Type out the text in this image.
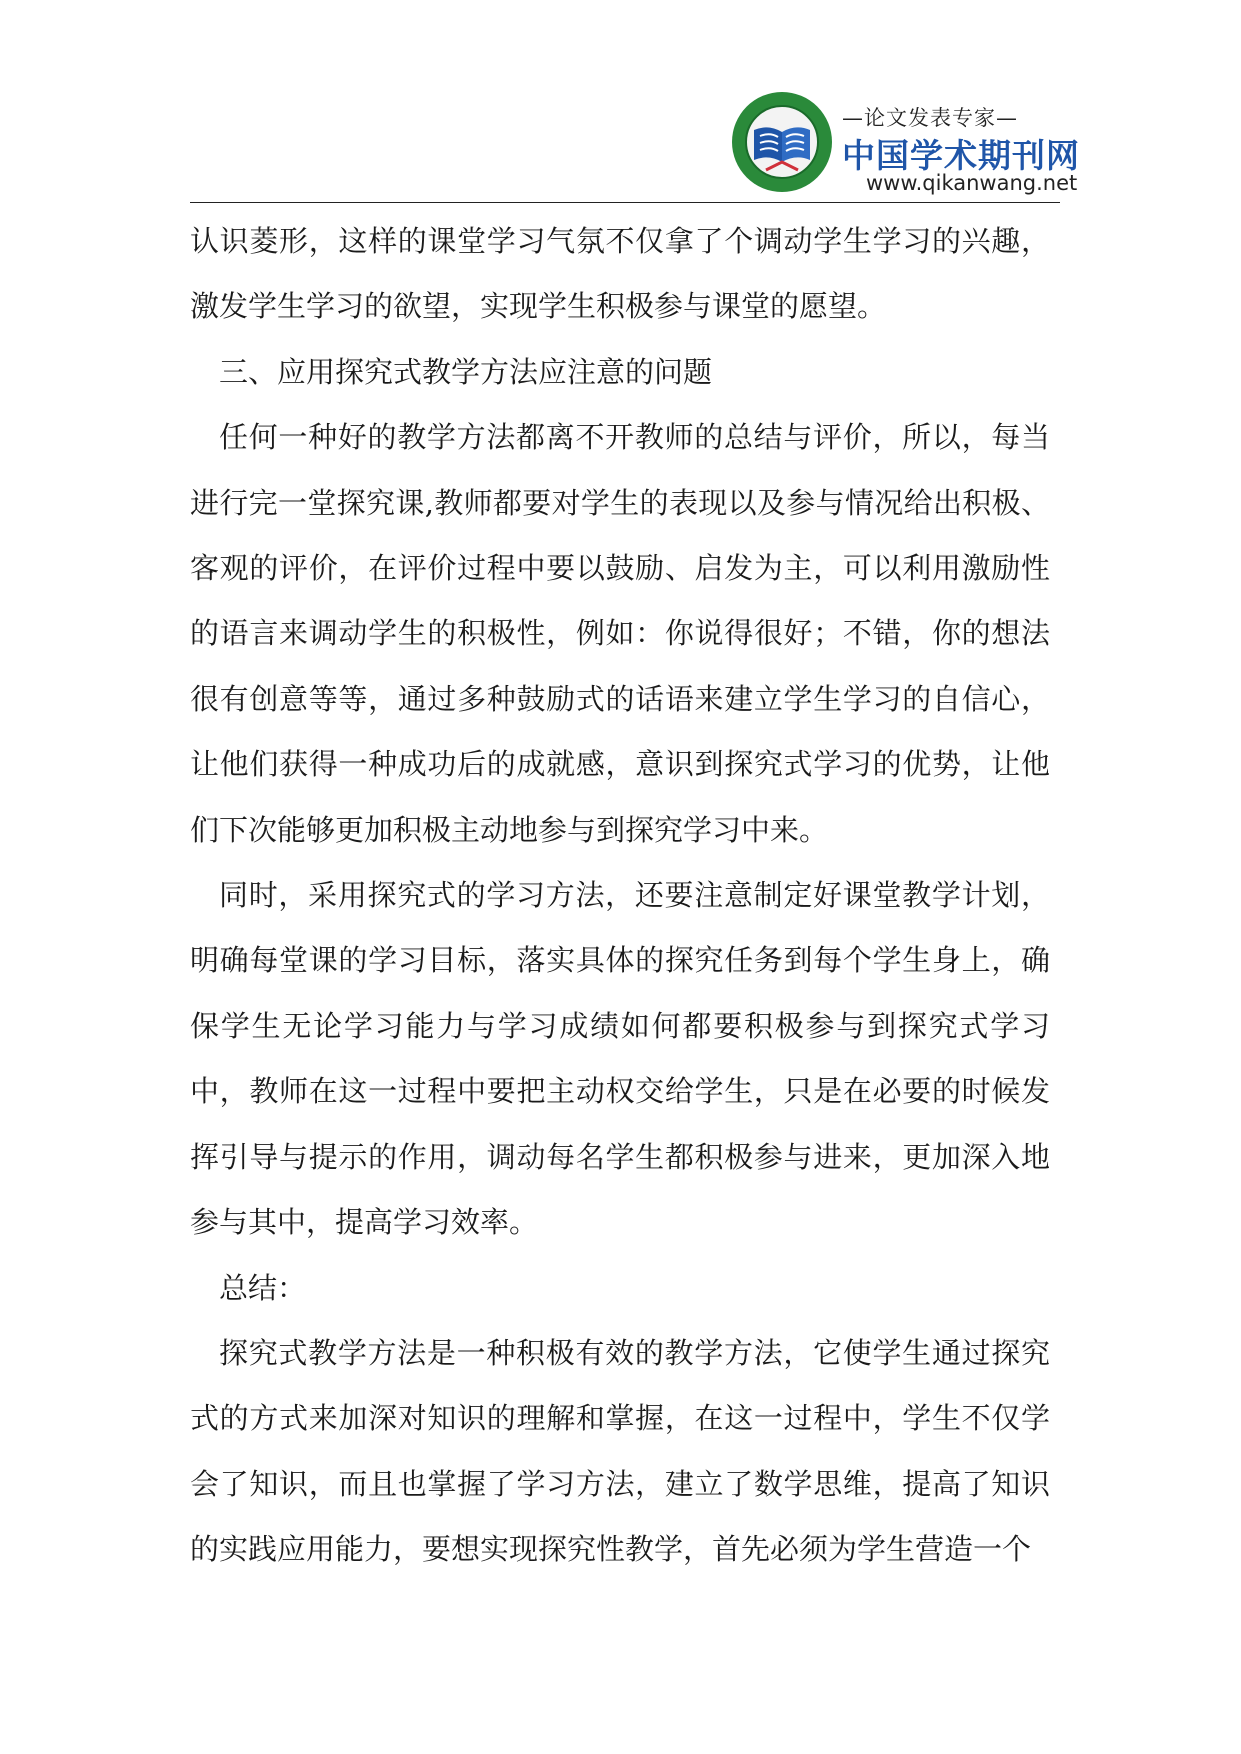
—论文发表专家—
中国学术期刊网
www.qikanwang.net

认识菱形，这样的课堂学习气氛不仅拿了个调动学生学习的兴趣，激发学生学习的欲望，实现学生积极参与课堂的愿望。

三、应用探究式教学方法应注意的问题

任何一种好的教学方法都离不开教师的总结与评价，所以，每当进行完一堂探究课,教师都要对学生的表现以及参与情况给出积极、客观的评价，在评价过程中要以鼓励、启发为主，可以利用激励性的语言来调动学生的积极性，例如：你说得很好；不错，你的想法很有创意等等，通过多种鼓励式的话语来建立学生学习的自信心，让他们获得一种成功后的成就感，意识到探究式学习的优势，让他们下次能够更加积极主动地参与到探究学习中来。

同时，采用探究式的学习方法，还要注意制定好课堂教学计划，明确每堂课的学习目标，落实具体的探究任务到每个学生身上，确保学生无论学习能力与学习成绩如何都要积极参与到探究式学习中，教师在这一过程中要把主动权交给学生，只是在必要的时候发挥引导与提示的作用，调动每名学生都积极参与进来，更加深入地参与其中，提高学习效率。

总结：

探究式教学方法是一种积极有效的教学方法，它使学生通过探究式的方式来加深对知识的理解和掌握，在这一过程中，学生不仅学会了知识，而且也掌握了学习方法，建立了数学思维，提高了知识的实践应用能力，要想实现探究性教学，首先必须为学生营造一个
